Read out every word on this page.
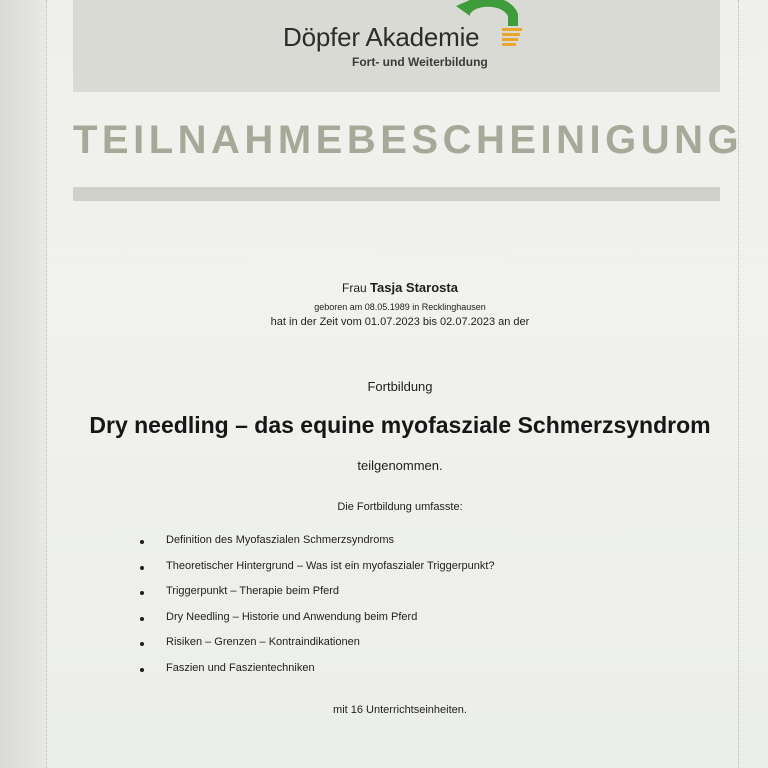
Döpfer Akademie
Fort- und Weiterbildung
TEILNAHMEBESCHEINIGUNG
Frau Tasja Starosta
geboren am 08.05.1989 in Recklinghausen
hat in der Zeit vom 01.07.2023 bis 02.07.2023 an der
Fortbildung
Dry needling – das equine myofasziale Schmerzsyndrom
teilgenommen.
Die Fortbildung umfasste:
Definition des Myofaszialen Schmerzsyndroms
Theoretischer Hintergrund – Was ist ein myofaszialer Triggerpunkt?
Triggerpunkt – Therapie beim Pferd
Dry Needling – Historie und Anwendung beim Pferd
Risiken – Grenzen – Kontraindikationen
Faszien und Faszientechniken
mit 16 Unterrichtseinheiten.
